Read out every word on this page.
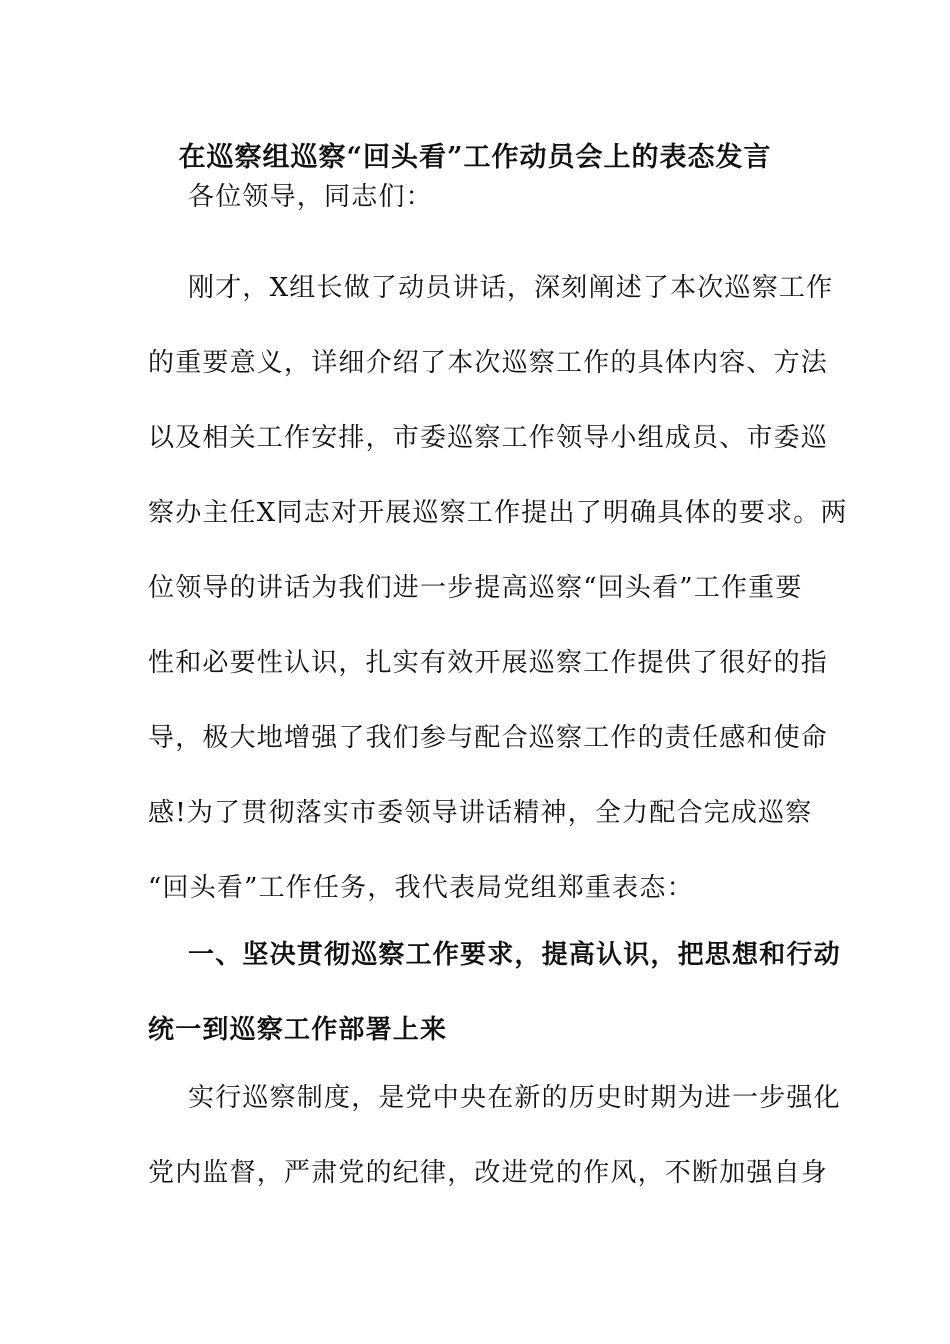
在巡察组巡察“回头看”工作动员会上的表态发言
各位领导，同志们：
刚才，X组长做了动员讲话，深刻阐述了本次巡察工作
的重要意义，详细介绍了本次巡察工作的具体内容、方法
以及相关工作安排，市委巡察工作领导小组成员、市委巡
察办主任X同志对开展巡察工作提出了明确具体的要求。两
位领导的讲话为我们进一步提高巡察“回头看”工作重要
性和必要性认识，扎实有效开展巡察工作提供了很好的指
导，极大地增强了我们参与配合巡察工作的责任感和使命
感!为了贯彻落实市委领导讲话精神，全力配合完成巡察
“回头看”工作任务，我代表局党组郑重表态：
一、坚决贯彻巡察工作要求，提高认识，把思想和行动
统一到巡察工作部署上来
实行巡察制度，是党中央在新的历史时期为进一步强化
党内监督，严肃党的纪律，改进党的作风，不断加强自身
